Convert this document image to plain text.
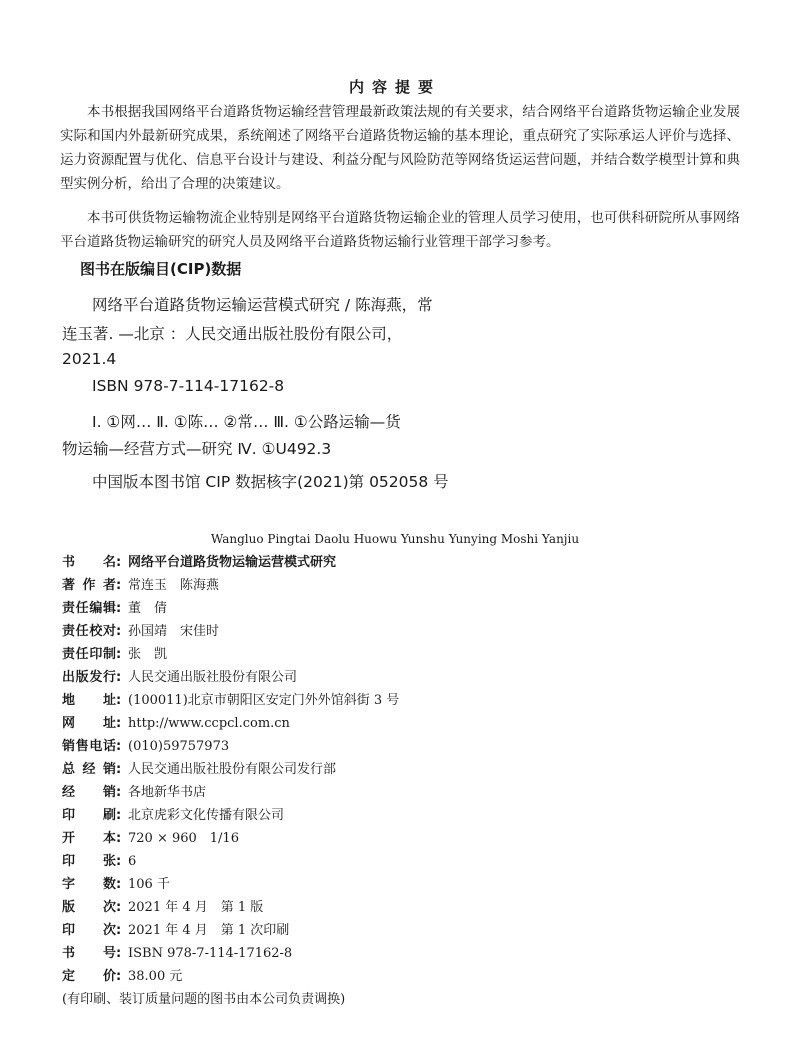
内容提要

本书根据我国网络平台道路货物运输经营管理最新政策法规的有关要求，结合网络平台道路货物运输企业发展实际和国内外最新研究成果，系统阐述了网络平台道路货物运输的基本理论，重点研究了实际承运人评价与选择、运力资源配置与优化、信息平台设计与建设、利益分配与风险防范等网络货运运营问题，并结合数学模型计算和典型实例分析，给出了合理的决策建议。

本书可供货物运输物流企业特别是网络平台道路货物运输企业的管理人员学习使用，也可供科研院所从事网络平台道路货物运输研究的研究人员及网络平台道路货物运输行业管理干部学习参考。

图书在版编目(CIP)数据
网络平台道路货物运输运营模式研究 / 陈海燕，常
连玉著. —北京 ：人民交通出版社股份有限公司，
2021.4
ISBN 978-7-114-17162-8
Ⅰ. ①网… Ⅱ. ①陈… ②常… Ⅲ. ①公路运输—货
物运输—经营方式—研究 Ⅳ. ①U492.3
中国版本图书馆 CIP 数据核字(2021)第 052058 号
Wangluo Pingtai Daolu Huowu Yunshu Yunying Moshi Yanjiu
书名 : 网络平台道路货物运输运营模式研究
著作者 : 常连玉　陈海燕
责任编辑 : 董　倩
责任校对 : 孙国靖　宋佳时
责任印制 : 张　凯
出版发行 : 人民交通出版社股份有限公司
地址 : (100011)北京市朝阳区安定门外外馆斜街 3 号
网址 : http://www.ccpcl.com.cn
销售电话 : (010)59757973
总经销 : 人民交通出版社股份有限公司发行部
经销 : 各地新华书店
印刷 : 北京虎彩文化传播有限公司
开本 : 720 × 960　1/16
印张 : 6
字数 : 106 千
版次 : 2021 年 4 月　第 1 版
印次 : 2021 年 4 月　第 1 次印刷
书号 : ISBN 978-7-114-17162-8
定价 : 38.00 元
(有印刷、装订质量问题的图书由本公司负责调换)
